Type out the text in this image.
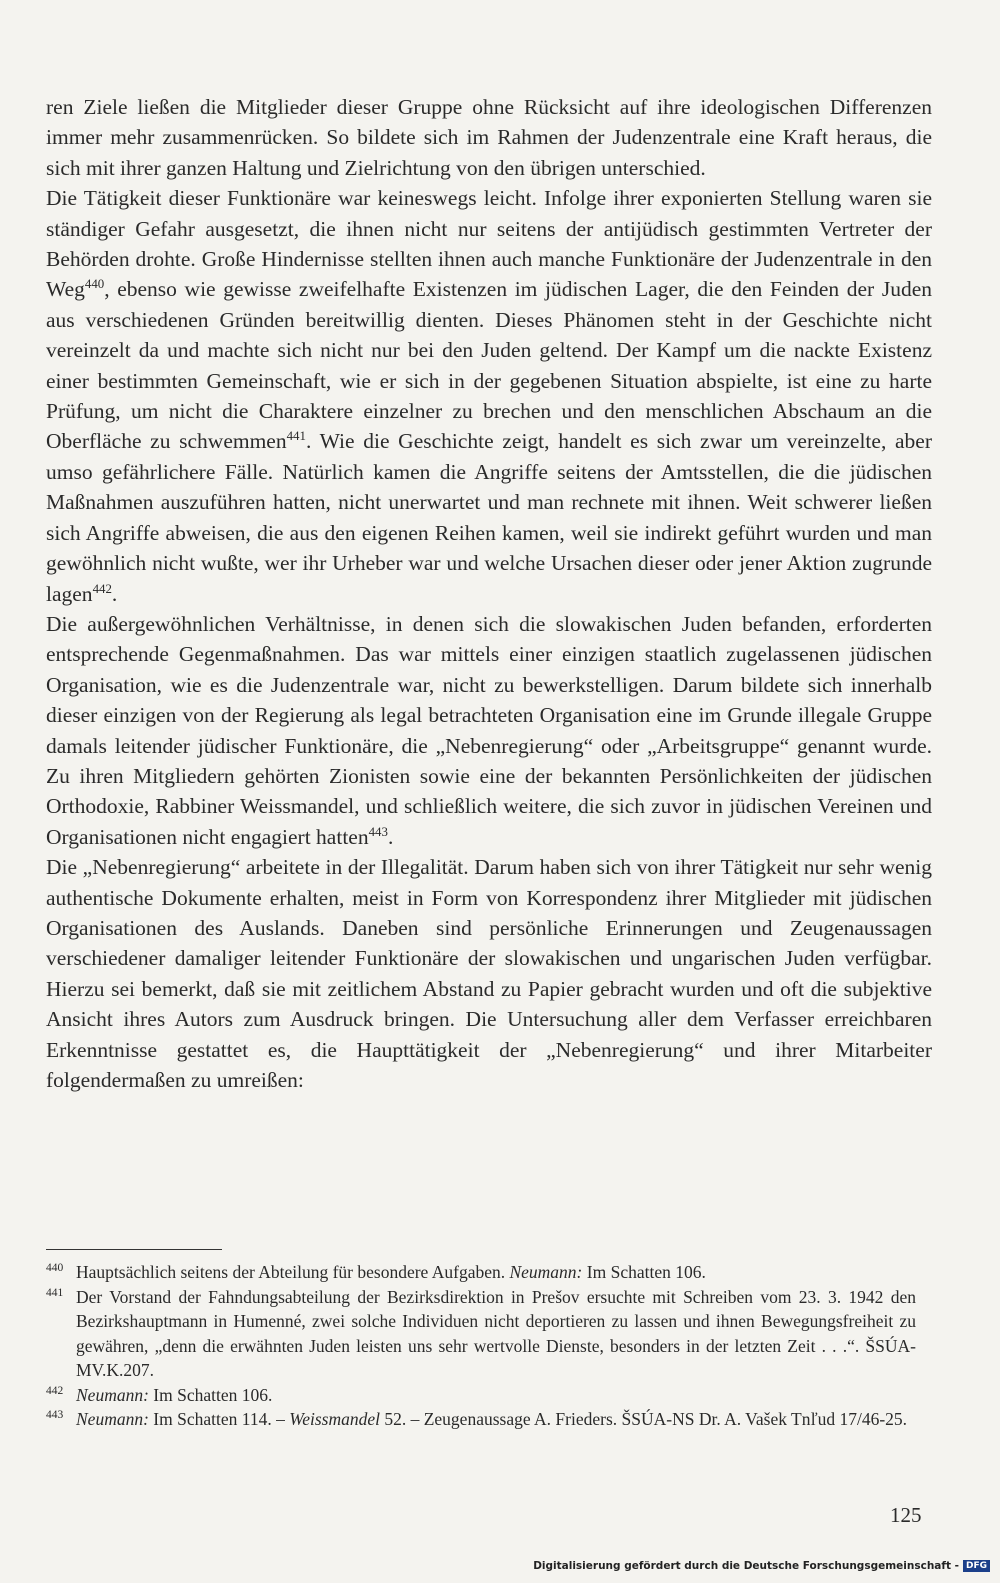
ren Ziele ließen die Mitglieder dieser Gruppe ohne Rücksicht auf ihre ideologischen Differenzen immer mehr zusammenrücken. So bildete sich im Rahmen der Judenzentrale eine Kraft heraus, die sich mit ihrer ganzen Haltung und Zielrichtung von den übrigen unterschied.

Die Tätigkeit dieser Funktionäre war keineswegs leicht. Infolge ihrer exponierten Stellung waren sie ständiger Gefahr ausgesetzt, die ihnen nicht nur seitens der antijüdisch gestimmten Vertreter der Behörden drohte. Große Hindernisse stellten ihnen auch manche Funktionäre der Judenzentrale in den Weg$^{440}$, ebenso wie gewisse zweifelhafte Existenzen im jüdischen Lager, die den Feinden der Juden aus verschiedenen Gründen bereitwillig dienten. Dieses Phänomen steht in der Geschichte nicht vereinzelt da und machte sich nicht nur bei den Juden geltend. Der Kampf um die nackte Existenz einer bestimmten Gemeinschaft, wie er sich in der gegebenen Situation abspielte, ist eine zu harte Prüfung, um nicht die Charaktere einzelner zu brechen und den menschlichen Abschaum an die Oberfläche zu schwemmen$^{441}$. Wie die Geschichte zeigt, handelt es sich zwar um vereinzelte, aber umso gefährlichere Fälle. Natürlich kamen die Angriffe seitens der Amtsstellen, die die jüdischen Maßnahmen auszuführen hatten, nicht unerwartet und man rechnete mit ihnen. Weit schwerer ließen sich Angriffe abweisen, die aus den eigenen Reihen kamen, weil sie indirekt geführt wurden und man gewöhnlich nicht wußte, wer ihr Urheber war und welche Ursachen dieser oder jener Aktion zugrunde lagen$^{442}$.

Die außergewöhnlichen Verhältnisse, in denen sich die slowakischen Juden befanden, erforderten entsprechende Gegenmaßnahmen. Das war mittels einer einzigen staatlich zugelassenen jüdischen Organisation, wie es die Judenzentrale war, nicht zu bewerkstelligen. Darum bildete sich innerhalb dieser einzigen von der Regierung als legal betrachteten Organisation eine im Grunde illegale Gruppe damals leitender jüdischer Funktionäre, die „Nebenregierung“ oder „Arbeitsgruppe“ genannt wurde. Zu ihren Mitgliedern gehörten Zionisten sowie eine der bekannten Persönlichkeiten der jüdischen Orthodoxie, Rabbiner Weissmandel, und schließlich weitere, die sich zuvor in jüdischen Vereinen und Organisationen nicht engagiert hatten$^{443}$.

Die „Nebenregierung“ arbeitete in der Illegalität. Darum haben sich von ihrer Tätigkeit nur sehr wenig authentische Dokumente erhalten, meist in Form von Korrespondenz ihrer Mitglieder mit jüdischen Organisationen des Auslands. Daneben sind persönliche Erinnerungen und Zeugenaussagen verschiedener damaliger leitender Funktionäre der slowakischen und ungarischen Juden verfügbar. Hierzu sei bemerkt, daß sie mit zeitlichem Abstand zu Papier gebracht wurden und oft die subjektive Ansicht ihres Autors zum Ausdruck bringen. Die Untersuchung aller dem Verfasser erreichbaren Erkenntnisse gestattet es, die Haupttätigkeit der „Nebenregierung“ und ihrer Mitarbeiter folgendermaßen zu umreißen:

440 Hauptsächlich seitens der Abteilung für besondere Aufgaben. Neumann: Im Schatten 106.
441 Der Vorstand der Fahndungsabteilung der Bezirksdirektion in Prešov ersuchte mit Schreiben vom 23. 3. 1942 den Bezirkshauptmann in Humenné, zwei solche Individuen nicht deportieren zu lassen und ihnen Bewegungsfreiheit zu gewähren, „denn die erwähnten Juden leisten uns sehr wertvolle Dienste, besonders in der letzten Zeit . . .“. ŠSÚA-MV.K.207.
442 Neumann: Im Schatten 106.
443 Neumann: Im Schatten 114. – Weissmandel 52. – Zeugenaussage A. Frieders. ŠSÚA-NS Dr. A. Vašek Tnľud 17/46-25.
125
Digitalisierung gefördert durch die Deutsche Forschungsgemeinschaft - DFG
